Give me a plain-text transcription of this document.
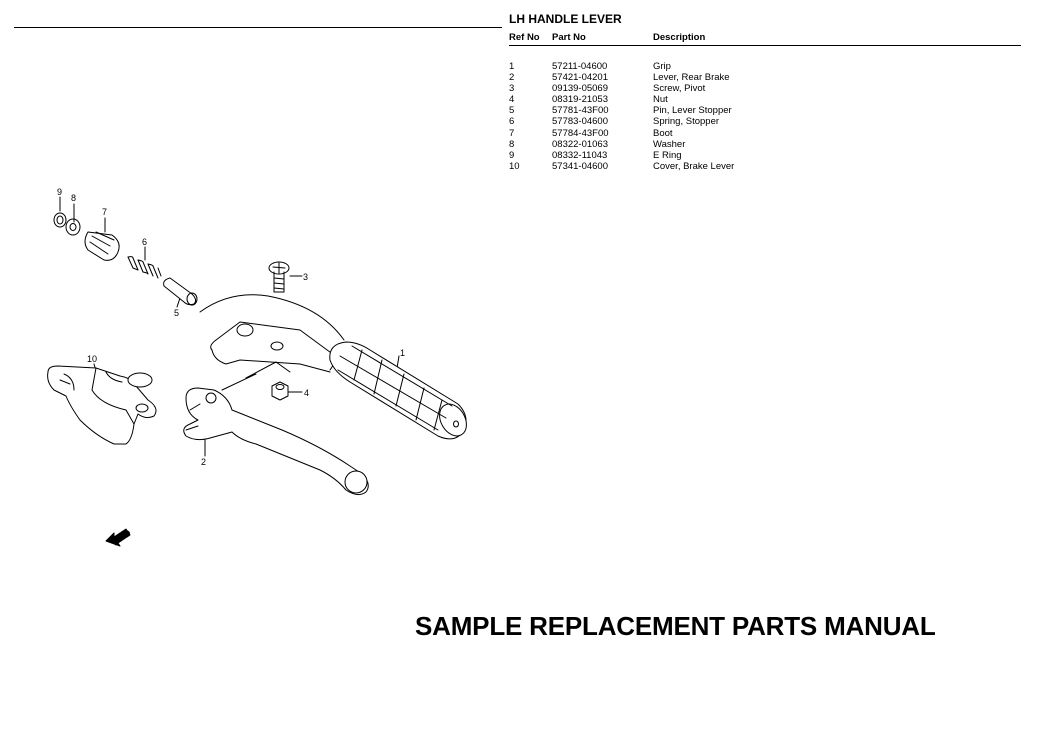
LH HANDLE LEVER
Ref No	Part No	Description
1	57211-04600	Grip
2	57421-04201	Lever, Rear Brake
3	09139-05069	Screw, Pivot
4	08319-21053	Nut
5	57781-43F00	Pin, Lever Stopper
6	57783-04600	Spring, Stopper
7	57784-43F00	Boot
8	08322-01063	Washer
9	08332-11043	E Ring
10	57341-04600	Cover, Brake Lever
1
2
3
4
5
6
7
8
9
10
FWD
SAMPLE REPLACEMENT PARTS MANUAL
